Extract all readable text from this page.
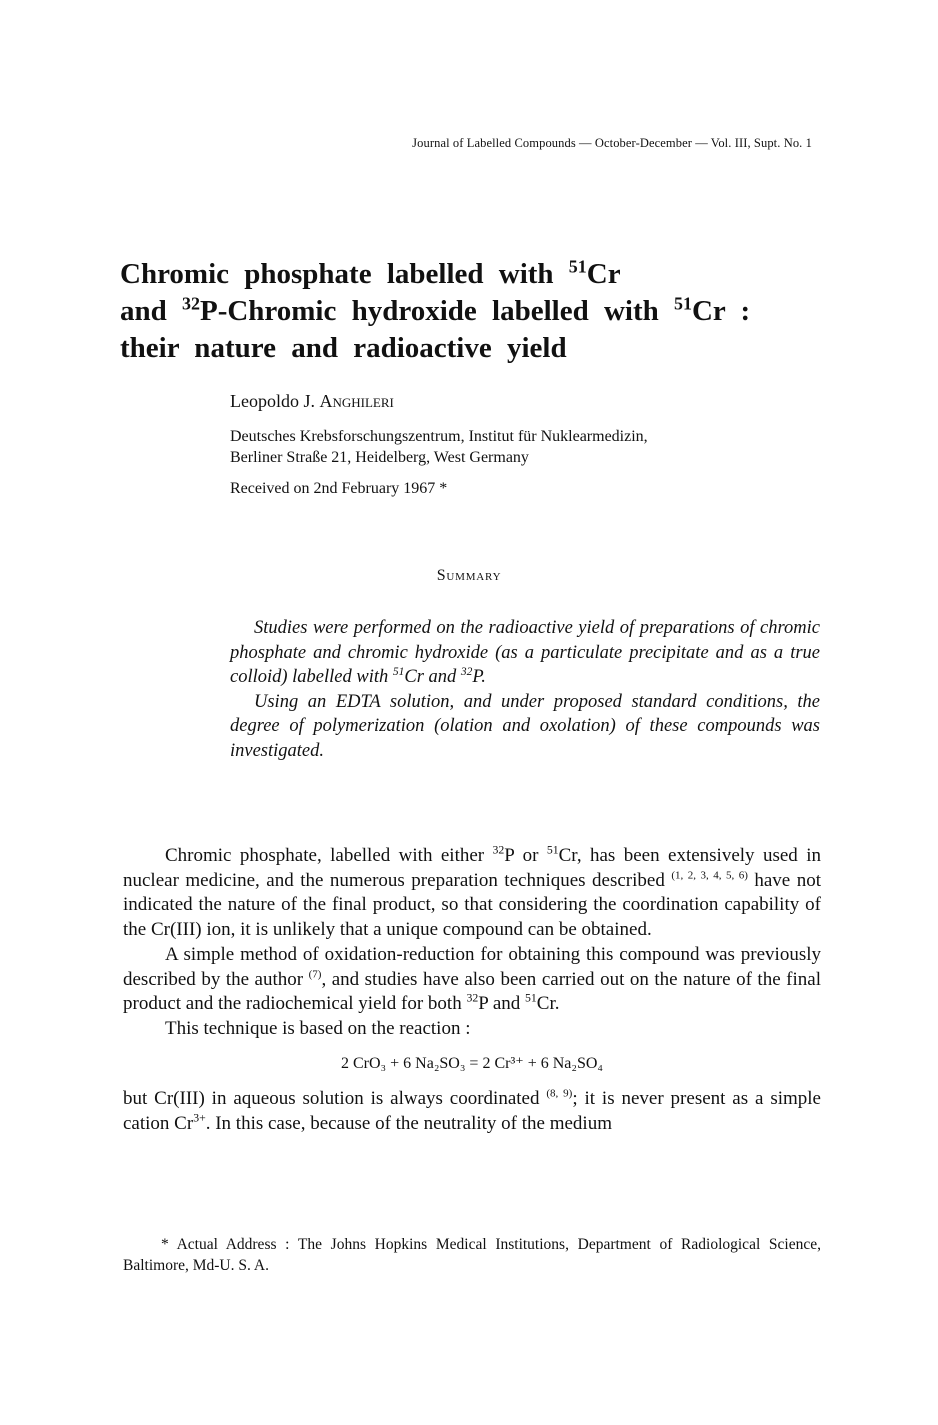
Journal of Labelled Compounds — October-December — Vol. III, Supt. No. 1
Chromic phosphate labelled with $^{51}$Cr
and $^{32}$P-Chromic hydroxide labelled with $^{51}$Cr :
their nature and radioactive yield
Leopoldo J. Anghileri
Deutsches Krebsforschungszentrum, Institut für Nuklearmedizin,
Berliner Straße 21, Heidelberg, West Germany
Received on 2nd February 1967 *
Summary

Studies were performed on the radioactive yield of preparations of chromic phosphate and chromic hydroxide (as a particulate precipitate and as a true colloid) labelled with $^{51}$Cr and $^{32}$P.

Using an EDTA solution, and under proposed standard conditions, the degree of polymerization (olation and oxolation) of these compounds was investigated.

Chromic phosphate, labelled with either $^{32}$P or $^{51}$Cr, has been extensively used in nuclear medicine, and the numerous preparation techniques described $^{(1, 2, 3, 4, 5, 6)}$ have not indicated the nature of the final product, so that considering the coordination capability of the Cr(III) ion, it is unlikely that a unique compound can be obtained.

A simple method of oxidation-reduction for obtaining this compound was previously described by the author $^{(7)}$, and studies have also been carried out on the nature of the final product and the radiochemical yield for both $^{32}$P and $^{51}$Cr.

This technique is based on the reaction :

2 CrO₃ + 6 Na₂SO₃ = 2 Cr³⁺ + 6 Na₂SO₄

but Cr(III) in aqueous solution is always coordinated $^{(8, 9)}$; it is never present as a simple cation $Cr^{3+}$. In this case, because of the neutrality of the medium

* Actual Address : The Johns Hopkins Medical Institutions, Department of Radiological Science, Baltimore, Md-U. S. A.
